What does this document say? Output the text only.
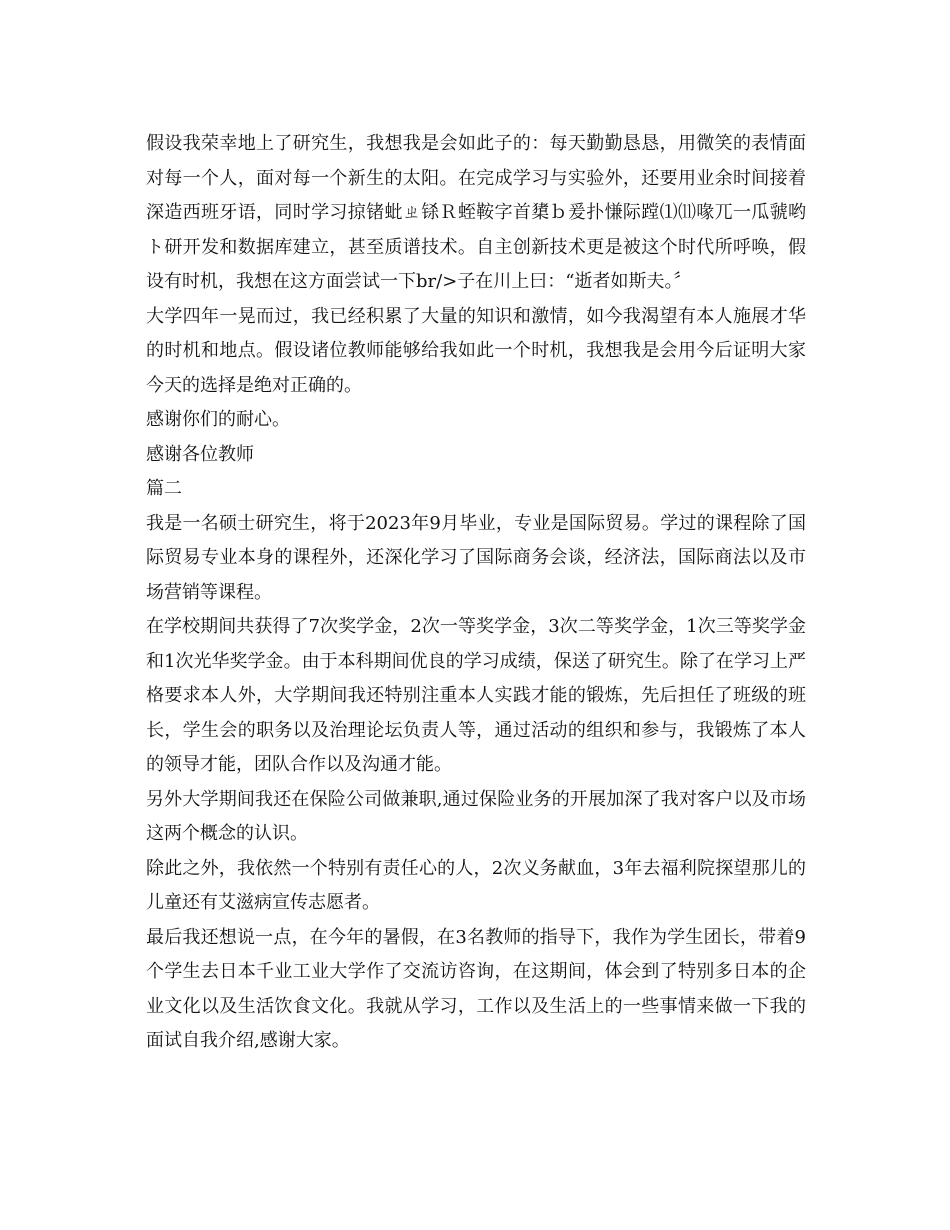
假设我荣幸地上了研究生，我想我是会如此子的：每天勤勤恳恳，用微笑的表情面对每一个人，面对每一个新生的太阳。在完成学习与实验外，还要用业余时间接着深造西班牙语，同时学习掠锗蚍ㄓ铩Ｒ蛭鞍字首橥ｂ爰扑慊际蹚⑴⑾喙兀一瓜虢哟ト研开发和数据库建立，甚至质谱技术。自主创新技术更是被这个时代所呼唤，假设有时机，我想在这方面尝试一下br/>子在川上曰：“逝者如斯夫。〞

大学四年一晃而过，我已经积累了大量的知识和激情，如今我渴望有本人施展才华的时机和地点。假设诸位教师能够给我如此一个时机，我想我是会用今后证明大家今天的选择是绝对正确的。

感谢你们的耐心。

感谢各位教师

篇二

我是一名硕士研究生，将于2023年9月毕业，专业是国际贸易。学过的课程除了国际贸易专业本身的课程外，还深化学习了国际商务会谈，经济法，国际商法以及市场营销等课程。

在学校期间共获得了7次奖学金，2次一等奖学金，3次二等奖学金，1次三等奖学金和1次光华奖学金。由于本科期间优良的学习成绩，保送了研究生。除了在学习上严格要求本人外，大学期间我还特别注重本人实践才能的锻炼，先后担任了班级的班长，学生会的职务以及治理论坛负责人等，通过活动的组织和参与，我锻炼了本人的领导才能，团队合作以及沟通才能。

另外大学期间我还在保险公司做兼职,通过保险业务的开展加深了我对客户以及市场这两个概念的认识。

除此之外，我依然一个特别有责任心的人，2次义务献血，3年去福利院探望那儿的儿童还有艾滋病宣传志愿者。

最后我还想说一点，在今年的暑假，在3名教师的指导下，我作为学生团长，带着9个学生去日本千业工业大学作了交流访咨询，在这期间，体会到了特别多日本的企业文化以及生活饮食文化。我就从学习，工作以及生活上的一些事情来做一下我的面试自我介绍,感谢大家。
